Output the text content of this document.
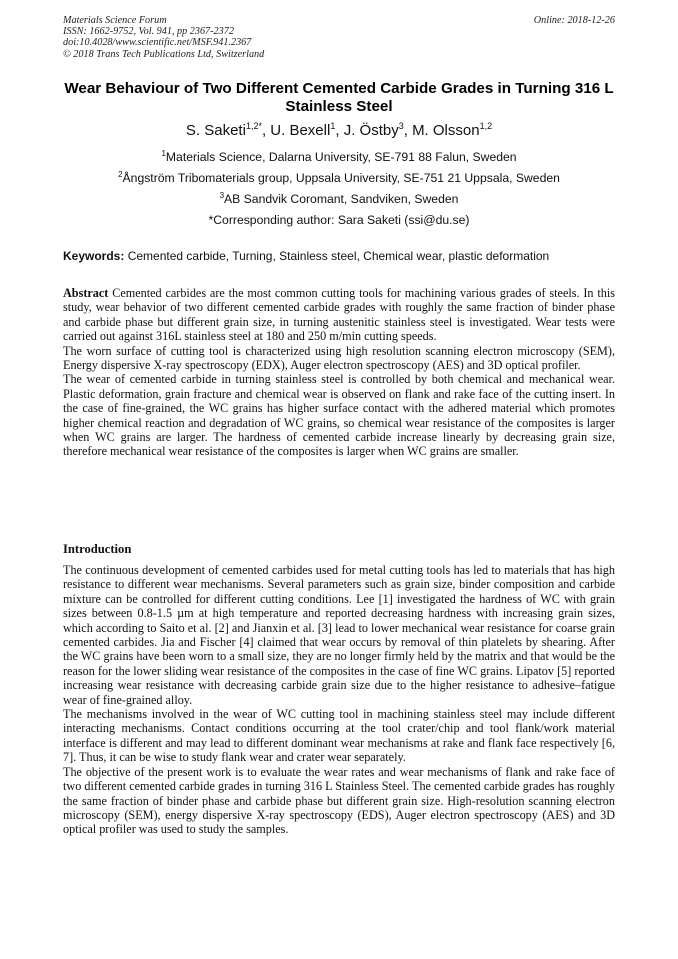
Materials Science Forum
ISSN: 1662-9752, Vol. 941, pp 2367-2372
doi:10.4028/www.scientific.net/MSF.941.2367
© 2018 Trans Tech Publications Ltd, Switzerland
Online: 2018-12-26
Wear Behaviour of Two Different Cemented Carbide Grades in Turning 316 L Stainless Steel
S. Saketi$^{1,2*}$, U. Bexell$^1$, J. Östby$^3$, M. Olsson$^{1,2}$
$^1$Materials Science, Dalarna University, SE-791 88 Falun, Sweden
$^2$Ångström Tribomaterials group, Uppsala University, SE-751 21 Uppsala, Sweden
$^3$AB Sandvik Coromant, Sandviken, Sweden
*Corresponding author: Sara Saketi (ssi@du.se)
Keywords: Cemented carbide, Turning, Stainless steel, Chemical wear, plastic deformation

Abstract Cemented carbides are the most common cutting tools for machining various grades of steels. In this study, wear behavior of two different cemented carbide grades with roughly the same fraction of binder phase and carbide phase but different grain size, in turning austenitic stainless steel is investigated. Wear tests were carried out against 316L stainless steel at 180 and 250 m/min cutting speeds.

The worn surface of cutting tool is characterized using high resolution scanning electron microscopy (SEM), Energy dispersive X-ray spectroscopy (EDX), Auger electron spectroscopy (AES) and 3D optical profiler.

The wear of cemented carbide in turning stainless steel is controlled by both chemical and mechanical wear. Plastic deformation, grain fracture and chemical wear is observed on flank and rake face of the cutting insert. In the case of fine-grained, the WC grains has higher surface contact with the adhered material which promotes higher chemical reaction and degradation of WC grains, so chemical wear resistance of the composites is larger when WC grains are larger. The hardness of cemented carbide increase linearly by decreasing grain size, therefore mechanical wear resistance of the composites is larger when WC grains are smaller.

Introduction

The continuous development of cemented carbides used for metal cutting tools has led to materials that has high resistance to different wear mechanisms. Several parameters such as grain size, binder composition and carbide mixture can be controlled for different cutting conditions. Lee [1] investigated the hardness of WC with grain sizes between 0.8-1.5 µm at high temperature and reported decreasing hardness with increasing grain sizes, which according to Saito et al. [2] and Jianxin et al. [3] lead to lower mechanical wear resistance for coarse grain cemented carbides. Jia and Fischer [4] claimed that wear occurs by removal of thin platelets by shearing. After the WC grains have been worn to a small size, they are no longer firmly held by the matrix and that would be the reason for the lower sliding wear resistance of the composites in the case of fine WC grains. Lipatov [5] reported increasing wear resistance with decreasing carbide grain size due to the higher resistance to adhesive–fatigue wear of fine-grained alloy.

The mechanisms involved in the wear of WC cutting tool in machining stainless steel may include different interacting mechanisms. Contact conditions occurring at the tool crater/chip and tool flank/work material interface is different and may lead to different dominant wear mechanisms at rake and flank face respectively [6, 7]. Thus, it can be wise to study flank wear and crater wear separately.

The objective of the present work is to evaluate the wear rates and wear mechanisms of flank and rake face of two different cemented carbide grades in turning 316 L Stainless Steel. The cemented carbide grades has roughly the same fraction of binder phase and carbide phase but different grain size. High-resolution scanning electron microscopy (SEM), energy dispersive X-ray spectroscopy (EDS), Auger electron spectroscopy (AES) and 3D optical profiler was used to study the samples.
